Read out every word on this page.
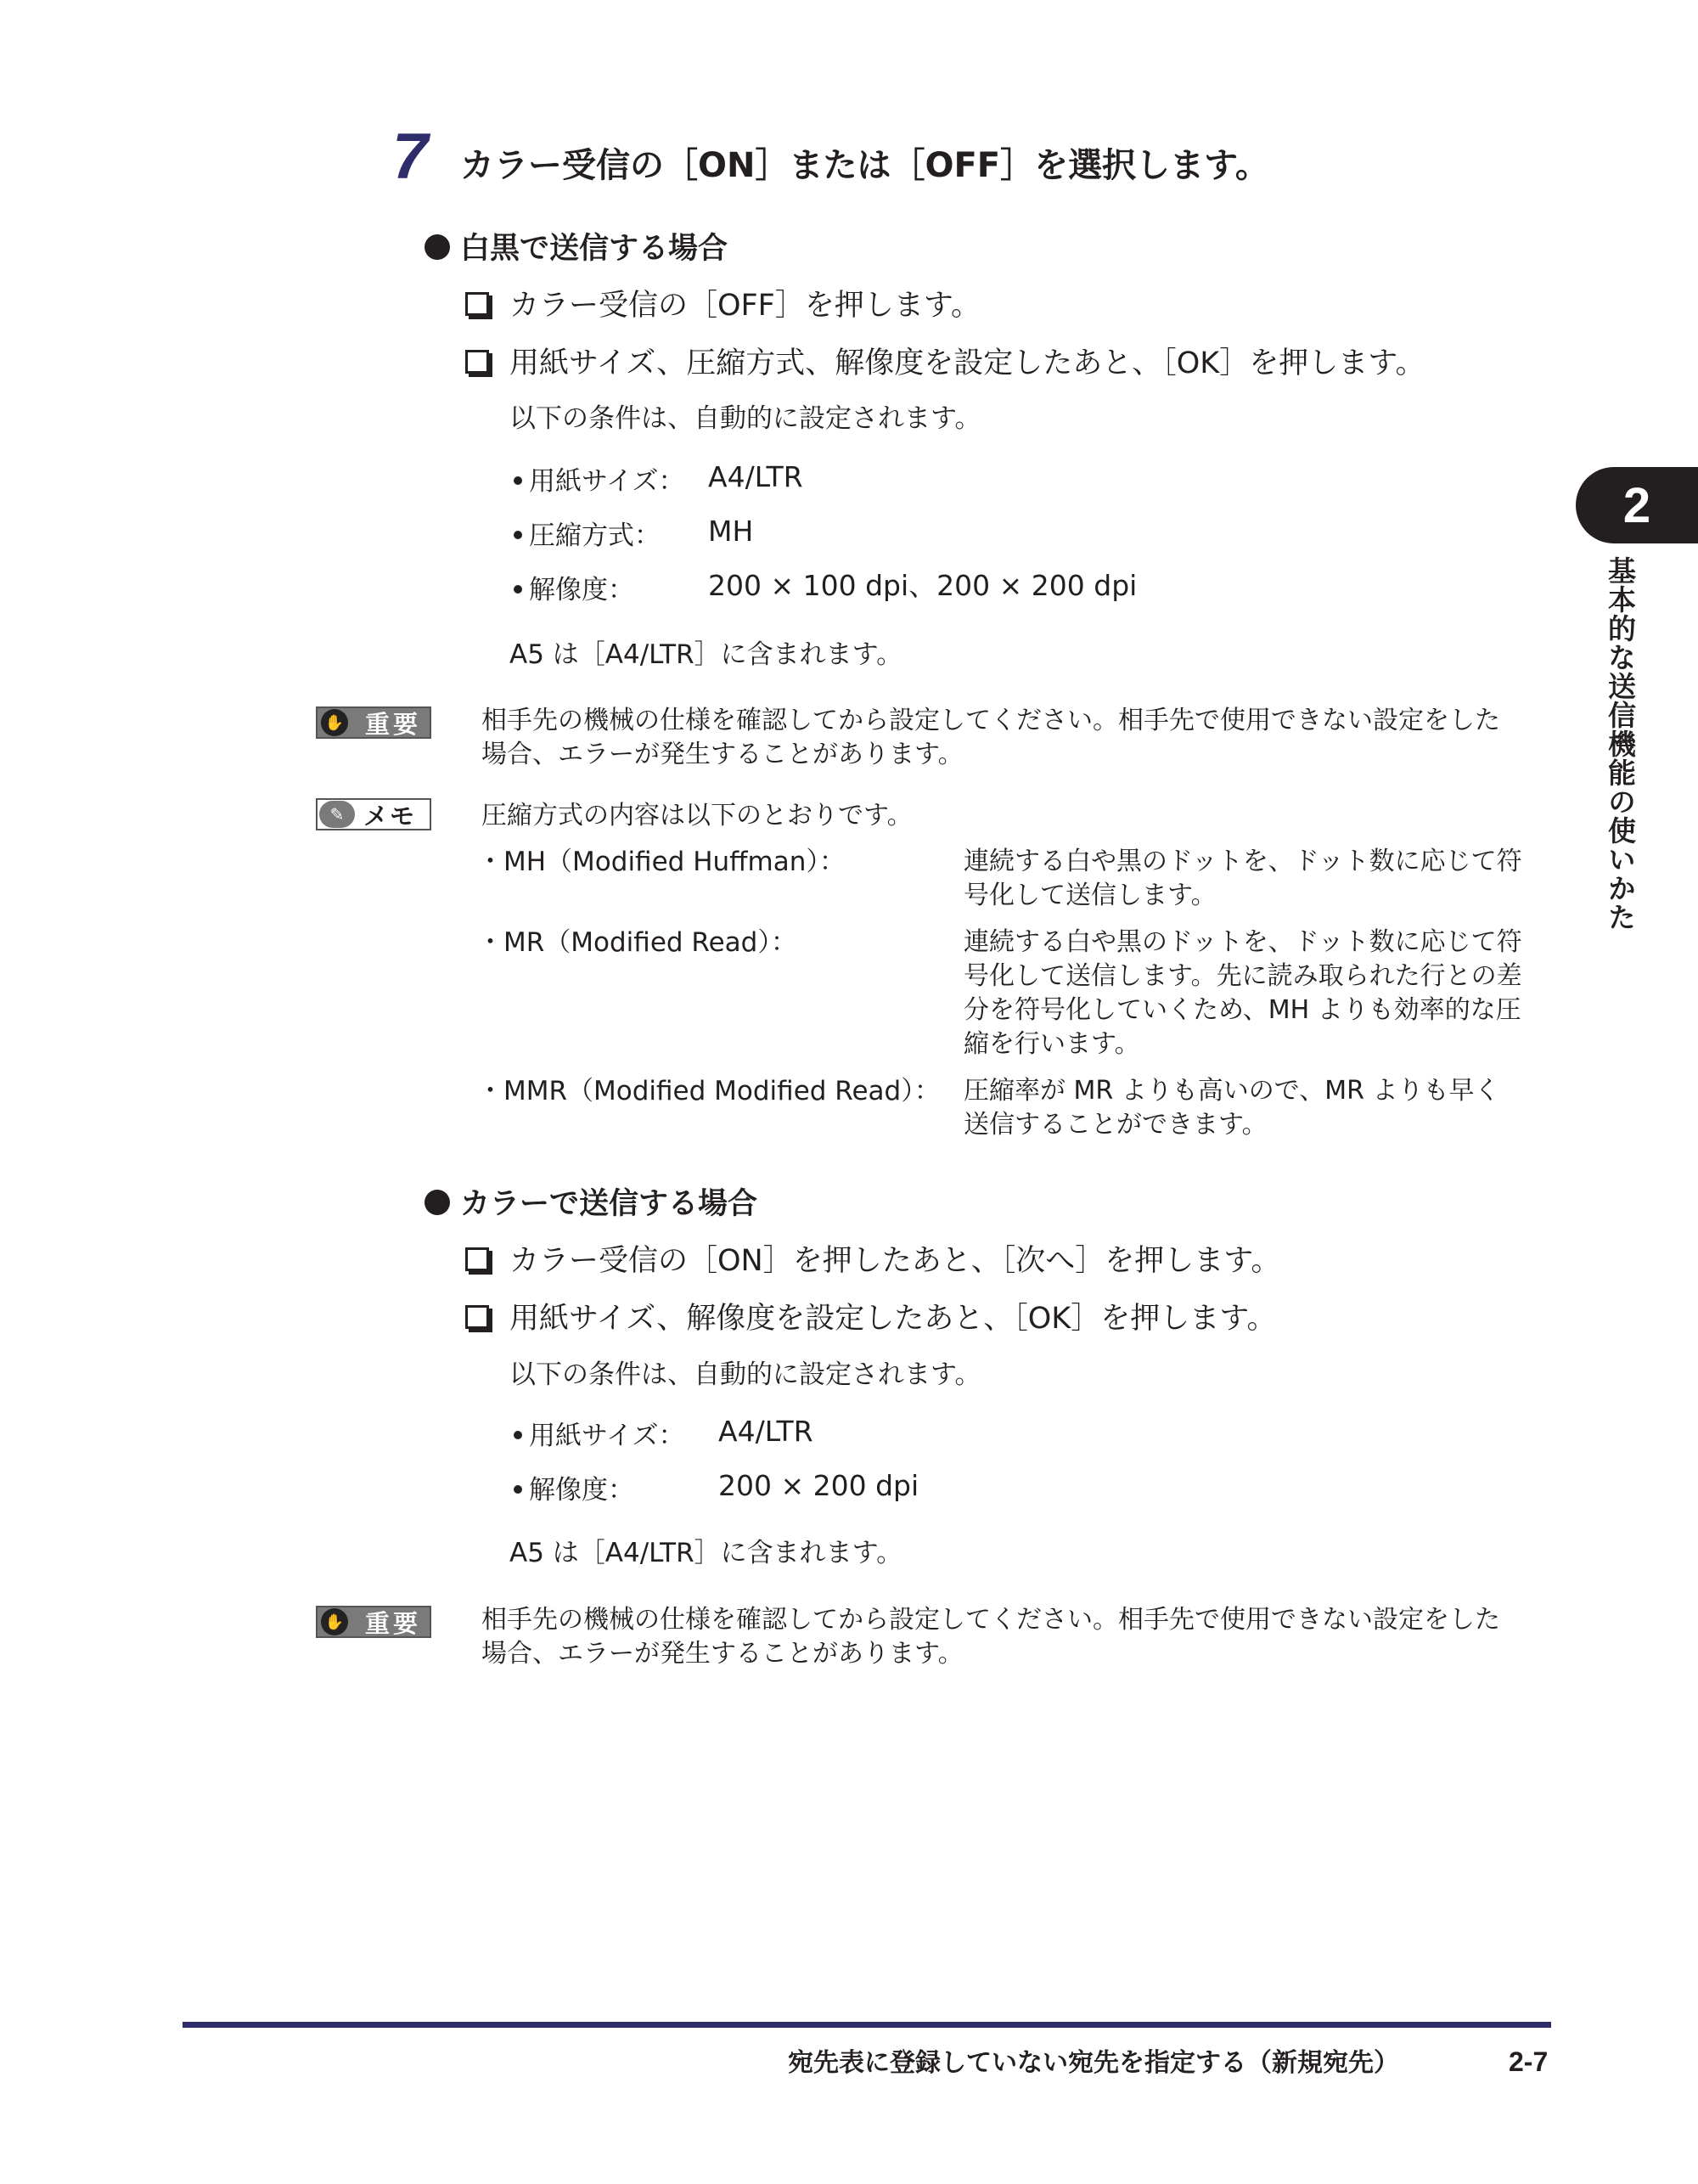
7 カラー受信の［ON］または［OFF］を選択します。
白黒で送信する場合
カラー受信の［OFF］を押します。
用紙サイズ、圧縮方式、解像度を設定したあと、［OK］を押します。
以下の条件は、自動的に設定されます。
用紙サイズ： A4/LTR
圧縮方式： MH
解像度：	200 × 100 dpi、200 × 200 dpi
A5 は［A4/LTR］に含まれます。
✋ 重要 相手先の機械の仕様を確認してから設定してください。相手先で使用できない設定をした
場合、エラーが発生することがあります。
✎ メモ	圧縮方式の内容は以下のとおりです。
・MH（Modified Huffman）：	連続する白や黒のドットを、ドット数に応じて符
号化して送信します。
・MR（Modified Read）：	連続する白や黒のドットを、ドット数に応じて符
号化して送信します。先に読み取られた行との差
分を符号化していくため、MH よりも効率的な圧
縮を行います。
・MMR（Modified Modified Read）： 圧縮率が MR よりも高いので、MR よりも早く
送信することができます。
カラーで送信する場合
カラー受信の［ON］を押したあと、［次へ］を押します。
用紙サイズ、解像度を設定したあと、［OK］を押します。
以下の条件は、自動的に設定されます。
用紙サイズ： A4/LTR
解像度：	200 × 200 dpi
A5 は［A4/LTR］に含まれます。
✋ 重要 相手先の機械の仕様を確認してから設定してください。相手先で使用できない設定をした
場合、エラーが発生することがあります。
2
基本的な送信機能の使いかた
宛先表に登録していない宛先を指定する（新規宛先）	2-7
